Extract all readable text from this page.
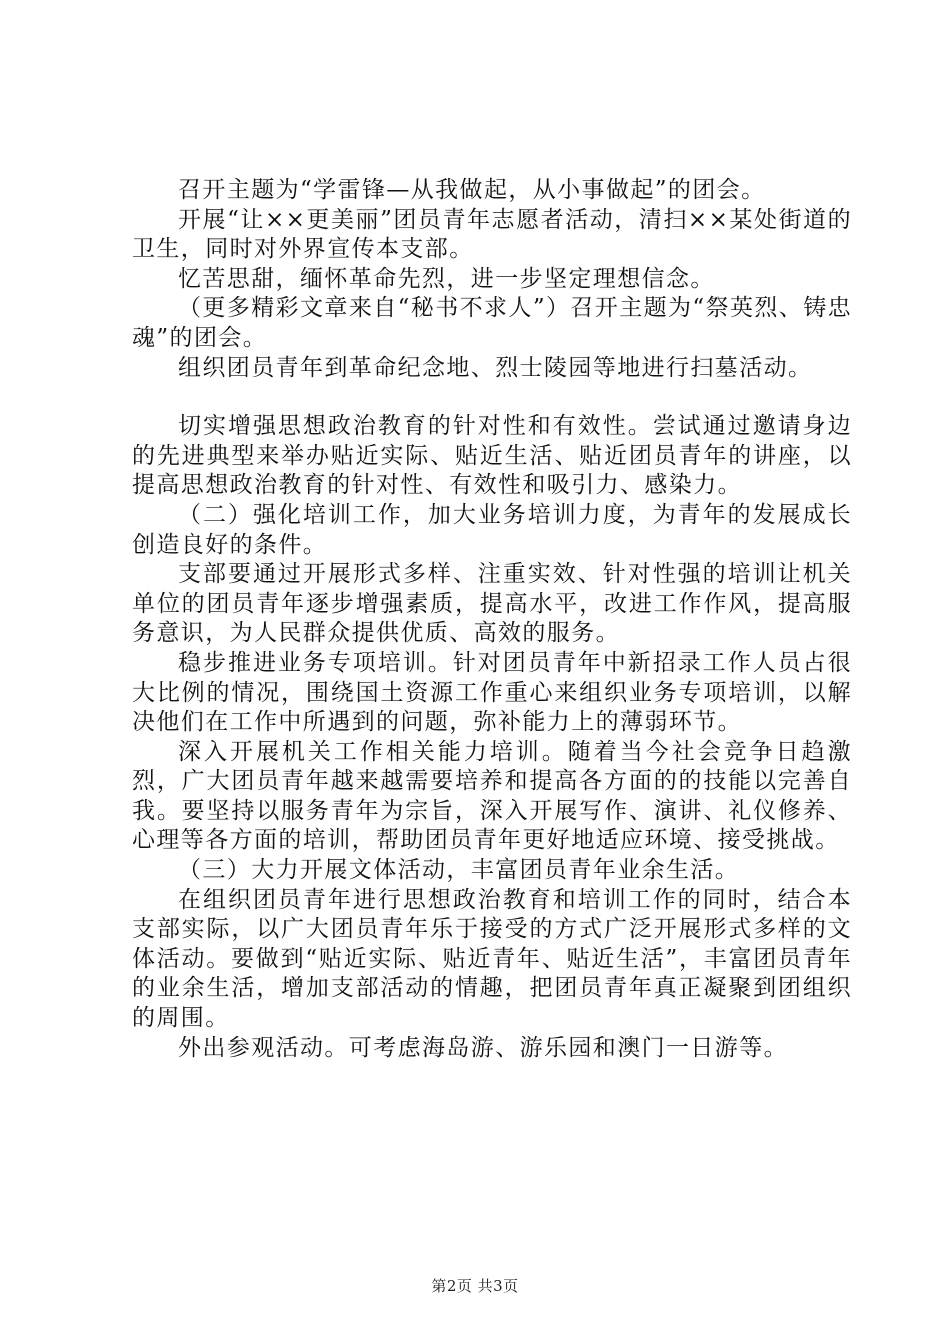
召开主题为“学雷锋—从我做起，从小事做起”的团会。

开展“让××更美丽”团员青年志愿者活动，清扫××某处街道的卫生，同时对外界宣传本支部。

忆苦思甜，缅怀革命先烈，进一步坚定理想信念。

（更多精彩文章来自“秘书不求人”）召开主题为“祭英烈、铸忠魂”的团会。

组织团员青年到革命纪念地、烈士陵园等地进行扫墓活动。

切实增强思想政治教育的针对性和有效性。尝试通过邀请身边的先进典型来举办贴近实际、贴近生活、贴近团员青年的讲座，以提高思想政治教育的针对性、有效性和吸引力、感染力。

（二）强化培训工作，加大业务培训力度，为青年的发展成长创造良好的条件。

支部要通过开展形式多样、注重实效、针对性强的培训让机关单位的团员青年逐步增强素质，提高水平，改进工作作风，提高服务意识，为人民群众提供优质、高效的服务。

稳步推进业务专项培训。针对团员青年中新招录工作人员占很大比例的情况，围绕国土资源工作重心来组织业务专项培训，以解决他们在工作中所遇到的问题，弥补能力上的薄弱环节。

深入开展机关工作相关能力培训。随着当今社会竞争日趋激烈，广大团员青年越来越需要培养和提高各方面的的技能以完善自我。要坚持以服务青年为宗旨，深入开展写作、演讲、礼仪修养、心理等各方面的培训，帮助团员青年更好地适应环境、接受挑战。

（三）大力开展文体活动，丰富团员青年业余生活。

在组织团员青年进行思想政治教育和培训工作的同时，结合本支部实际，以广大团员青年乐于接受的方式广泛开展形式多样的文体活动。要做到“贴近实际、贴近青年、贴近生活”，丰富团员青年的业余生活，增加支部活动的情趣，把团员青年真正凝聚到团组织的周围。

外出参观活动。可考虑海岛游、游乐园和澳门一日游等。

第2页 共3页
